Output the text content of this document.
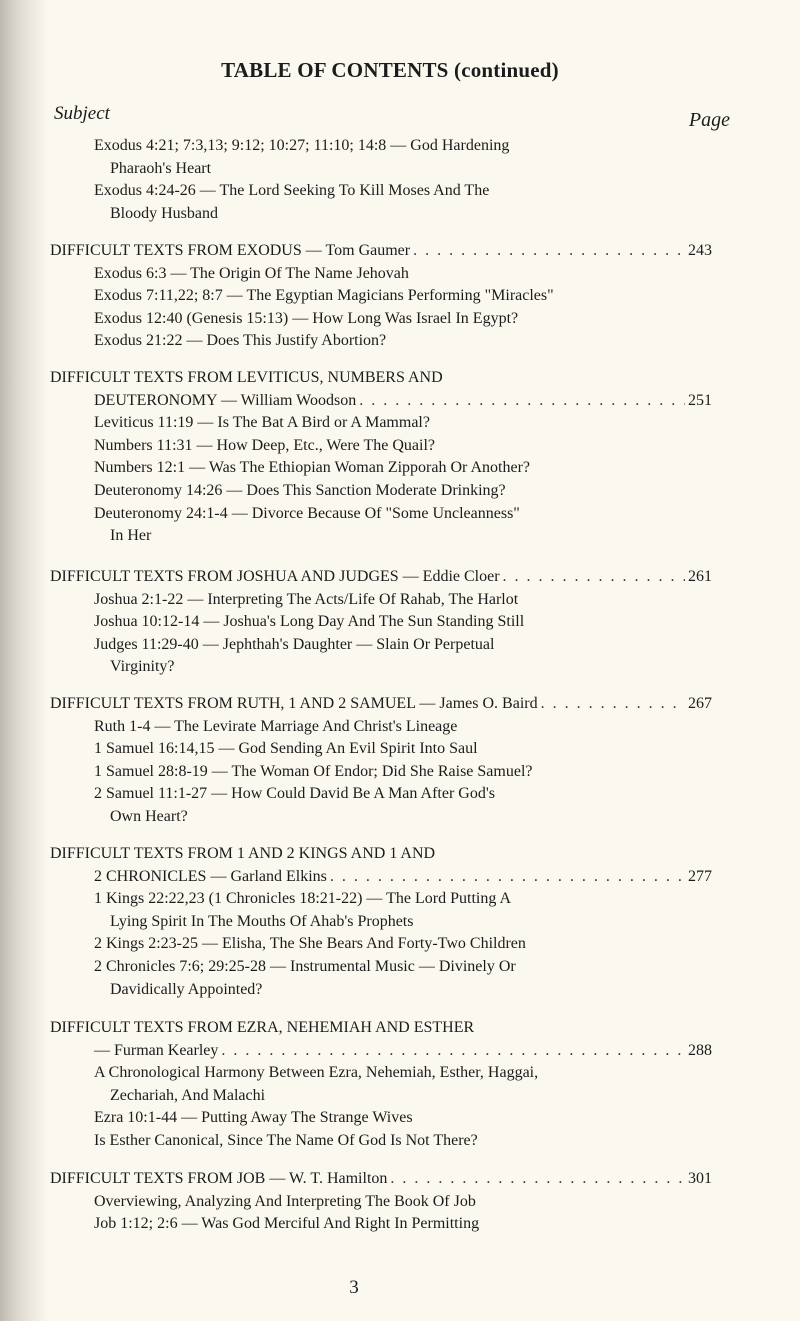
TABLE OF CONTENTS (continued)
Subject	Page
Exodus 4:21; 7:3,13; 9:12; 10:27; 11:10; 14:8 — God Hardening
Pharaoh's Heart
Exodus 4:24-26 — The Lord Seeking To Kill Moses And The
Bloody Husband
DIFFICULT TEXTS FROM EXODUS — Tom Gaumer . . .	243
Exodus 6:3 — The Origin Of The Name Jehovah
Exodus 7:11,22; 8:7 — The Egyptian Magicians Performing "Miracles"
Exodus 12:40 (Genesis 15:13) — How Long Was Israel In Egypt?
Exodus 21:22 — Does This Justify Abortion?
DIFFICULT TEXTS FROM LEVITICUS, NUMBERS AND
DEUTERONOMY — William Woodson . . .	251
Leviticus 11:19 — Is The Bat A Bird or A Mammal?
Numbers 11:31 — How Deep, Etc., Were The Quail?
Numbers 12:1 — Was The Ethiopian Woman Zipporah Or Another?
Deuteronomy 14:26 — Does This Sanction Moderate Drinking?
Deuteronomy 24:1-4 — Divorce Because Of "Some Uncleanness"
In Her
DIFFICULT TEXTS FROM JOSHUA AND JUDGES — Eddie Cloer . . .	261
Joshua 2:1-22 — Interpreting The Acts/Life Of Rahab, The Harlot
Joshua 10:12-14 — Joshua's Long Day And The Sun Standing Still
Judges 11:29-40 — Jephthah's Daughter — Slain Or Perpetual
Virginity?
DIFFICULT TEXTS FROM RUTH, 1 AND 2 SAMUEL — James O. Baird . . .	267
Ruth 1-4 — The Levirate Marriage And Christ's Lineage
1 Samuel 16:14,15 — God Sending An Evil Spirit Into Saul
1 Samuel 28:8-19 — The Woman Of Endor; Did She Raise Samuel?
2 Samuel 11:1-27 — How Could David Be A Man After God's
Own Heart?
DIFFICULT TEXTS FROM 1 AND 2 KINGS AND 1 AND
2 CHRONICLES — Garland Elkins . . .	277
1 Kings 22:22,23 (1 Chronicles 18:21-22) — The Lord Putting A
Lying Spirit In The Mouths Of Ahab's Prophets
2 Kings 2:23-25 — Elisha, The She Bears And Forty-Two Children
2 Chronicles 7:6; 29:25-28 — Instrumental Music — Divinely Or
Davidically Appointed?
DIFFICULT TEXTS FROM EZRA, NEHEMIAH AND ESTHER
— Furman Kearley . . .	288
A Chronological Harmony Between Ezra, Nehemiah, Esther, Haggai,
Zechariah, And Malachi
Ezra 10:1-44 — Putting Away The Strange Wives
Is Esther Canonical, Since The Name Of God Is Not There?
DIFFICULT TEXTS FROM JOB — W. T. Hamilton . . .	301
Overviewing, Analyzing And Interpreting The Book Of Job
Job 1:12; 2:6 — Was God Merciful And Right In Permitting
3
